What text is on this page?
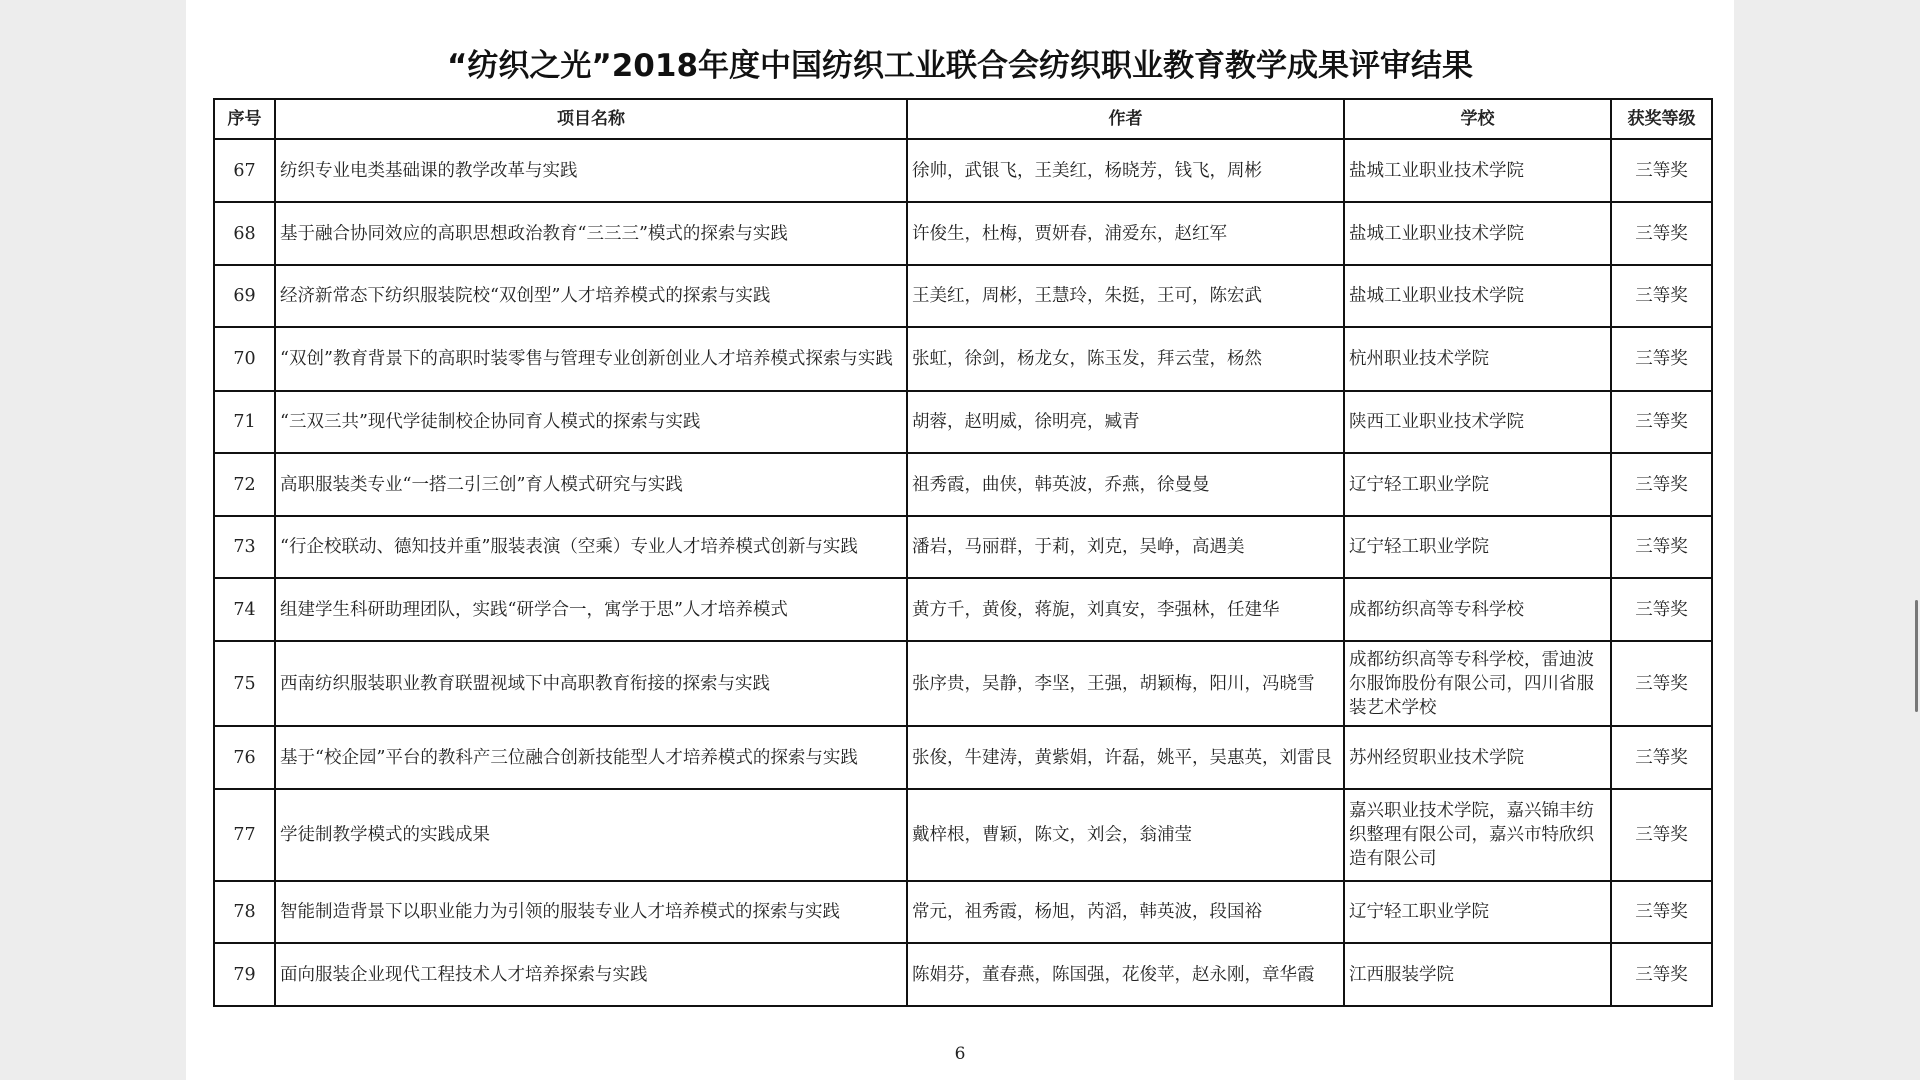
“纺织之光”2018年度中国纺织工业联合会纺织职业教育教学成果评审结果
序号	项目名称	作者	学校	获奖等级
67	纺织专业电类基础课的教学改革与实践	徐帅，武银飞，王美红，杨晓芳，钱飞，周彬	盐城工业职业技术学院	三等奖
68	基于融合协同效应的高职思想政治教育“三三三”模式的探索与实践	许俊生，杜梅，贾妍春，浦爱东，赵红军	盐城工业职业技术学院	三等奖
69	经济新常态下纺织服装院校“双创型”人才培养模式的探索与实践	王美红，周彬，王慧玲，朱挺，王可，陈宏武	盐城工业职业技术学院	三等奖
70	“双创”教育背景下的高职时装零售与管理专业创新创业人才培养模式探索与实践	张虹，徐剑，杨龙女，陈玉发，拜云莹，杨然	杭州职业技术学院	三等奖
71	“三双三共”现代学徒制校企协同育人模式的探索与实践	胡蓉，赵明威，徐明亮，臧青	陕西工业职业技术学院	三等奖
72	高职服装类专业“一搭二引三创”育人模式研究与实践	祖秀霞，曲侠，韩英波，乔燕，徐曼曼	辽宁轻工职业学院	三等奖
73	“行企校联动、德知技并重”服装表演（空乘）专业人才培养模式创新与实践	潘岩，马丽群，于莉，刘克，吴峥，高遇美	辽宁轻工职业学院	三等奖
74	组建学生科研助理团队，实践“研学合一，寓学于思”人才培养模式	黄方千，黄俊，蒋旎，刘真安，李强林，任建华	成都纺织高等专科学校	三等奖
75	西南纺织服装职业教育联盟视域下中高职教育衔接的探索与实践	张序贵，吴静，李坚，王强，胡颖梅，阳川，冯晓雪	成都纺织高等专科学校，雷迪波尔服饰股份有限公司，四川省服装艺术学校	三等奖
76	基于“校企园”平台的教科产三位融合创新技能型人才培养模式的探索与实践	张俊，牛建涛，黄紫娟，许磊，姚平，吴惠英，刘雷艮	苏州经贸职业技术学院	三等奖
77	学徒制教学模式的实践成果	戴梓根，曹颖，陈文，刘会，翁浦莹	嘉兴职业技术学院，嘉兴锦丰纺织整理有限公司，嘉兴市特欣织造有限公司	三等奖
78	智能制造背景下以职业能力为引领的服装专业人才培养模式的探索与实践	常元，祖秀霞，杨旭，芮滔，韩英波，段国裕	辽宁轻工职业学院	三等奖
79	面向服装企业现代工程技术人才培养探索与实践	陈娟芬，董春燕，陈国强，花俊苹，赵永刚，章华霞	江西服装学院	三等奖
6
